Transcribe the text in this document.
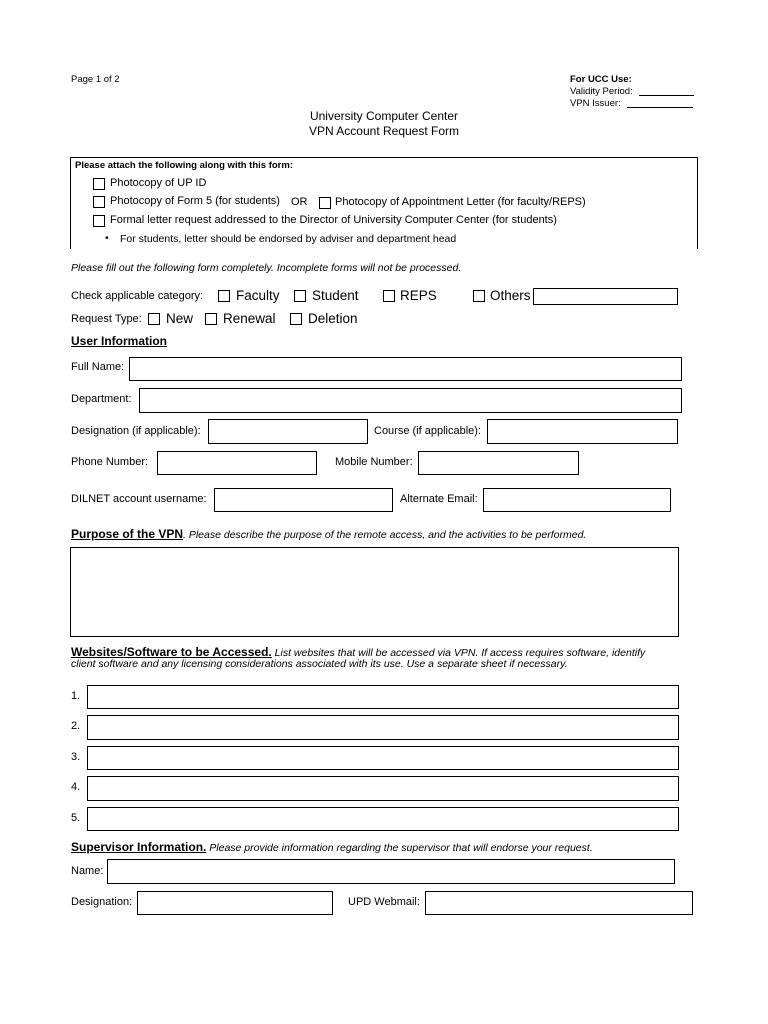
Page 1 of 2	For UCC Use:
Validity Period:
VPN Issuer:
University Computer Center
VPN Account Request Form
Please attach the following along with this form:
Photocopy of UP ID
Photocopy of Form 5 (for students) OR	Photocopy of Appointment Letter (for faculty/REPS)
Formal letter request addressed to the Director of University Computer Center (for students)
• For students, letter should be endorsed by adviser and department head
Please fill out the following form completely. Incomplete forms will not be processed.
Check applicable category: Faculty Student	REPS	Others
Request Type: New Renewal Deletion
User Information
Full Name:
Department:
Designation (if applicable):	Course (if applicable):
Phone Number:	Mobile Number:
DILNET account username:	Alternate Email:
Purpose of the VPN. Please describe the purpose of the remote access, and the activities to be performed.
Websites/Software to be Accessed. List websites that will be accessed via VPN. If access requires software, identify
client software and any licensing considerations associated with its use. Use a separate sheet if necessary.
1.
2.
3.
4.
5.
Supervisor Information. Please provide information regarding the supervisor that will endorse your request.
Name:
Designation:	UPD Webmail:
